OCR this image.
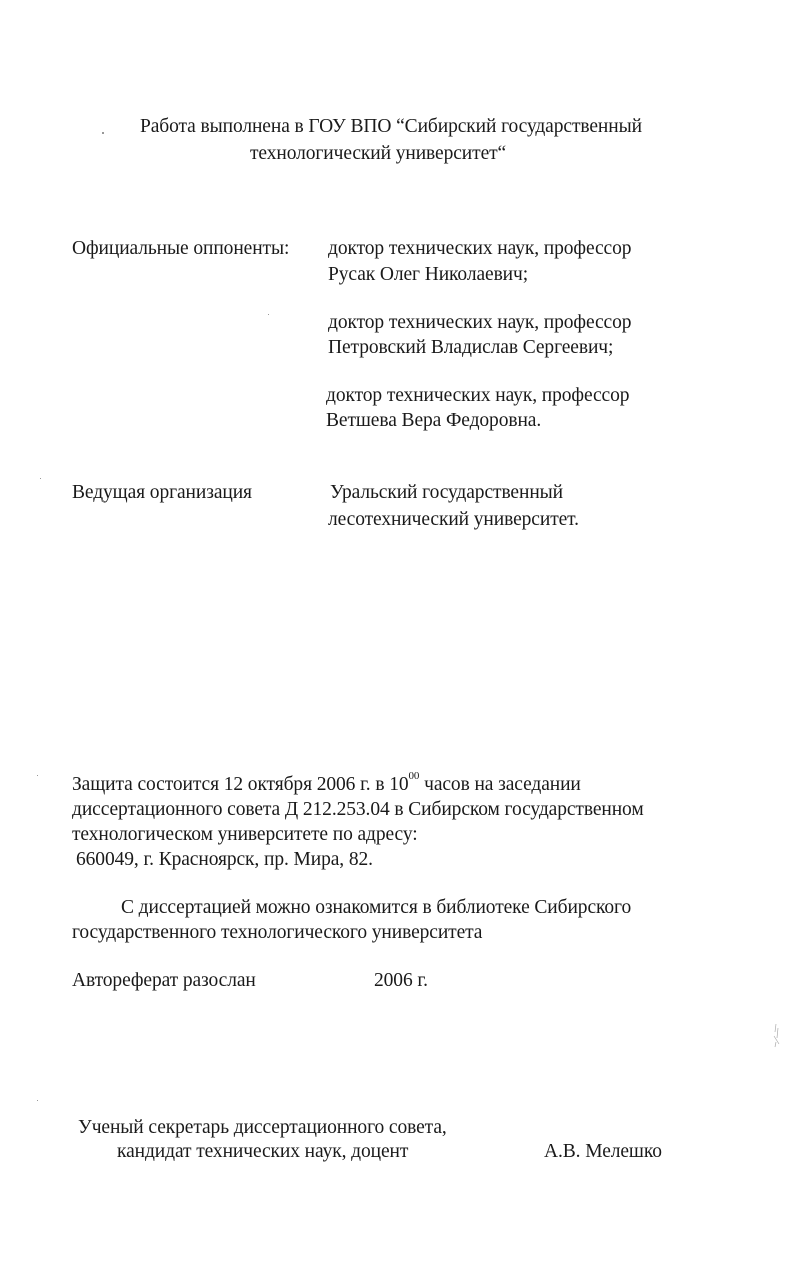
Работа выполнена в ГОУ ВПО “Сибирский государственный
технологический университет“
Официальные оппоненты: доктор технических наук, профессор
Русак Олег Николаевич;
доктор технических наук, профессор
Петровский Владислав Сергеевич;
доктор технических наук, профессор
Ветшева Вера Федоровна.
Ведущая организация	Уральский государственный
лесотехнический университет.
Защита состоится 12 октября 2006 г. в $10^{00}$ часов на заседании
диссертационного совета Д 212.253.04 в Сибирском государственном
технологическом университете по адресу:
660049, г. Красноярск, пр. Мира, 82.
С диссертацией можно ознакомится в библиотеке Сибирского
государственного технологического университета
Автореферат разослан	2006 г.
Ученый секретарь диссертационного совета,
кандидат технических наук, доцент	А.В. Мелешко
